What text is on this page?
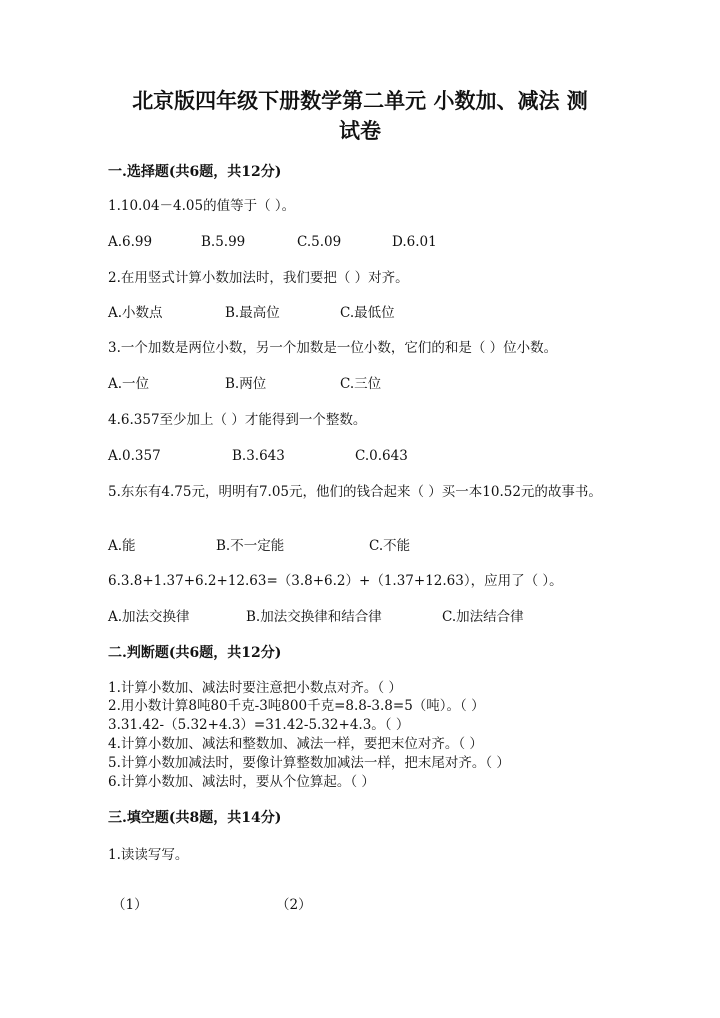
北京版四年级下册数学第二单元 小数加、减法 测
试卷
一.选择题(共6题，共12分)
1.10.04－4.05的值等于（ ）。
A.6.99	B.5.99	C.5.09	D.6.01
2.在用竖式计算小数加法时，我们要把（ ）对齐。
A.小数点	B.最高位	C.最低位
3.一个加数是两位小数，另一个加数是一位小数，它们的和是（ ）位小数。
A.一位	B.两位	C.三位
4.6.357至少加上（ ）才能得到一个整数。
A.0.357	B.3.643	C.0.643
5.东东有4.75元，明明有7.05元，他们的钱合起来（ ）买一本10.52元的故事书。
A.能	B.不一定能	C.不能
6.3.8+1.37+6.2+12.63=（3.8+6.2）+（1.37+12.63），应用了（ ）。
A.加法交换律	B.加法交换律和结合律	C.加法结合律
二.判断题(共6题，共12分)
1.计算小数加、减法时要注意把小数点对齐。（ ）
2.用小数计算8吨80千克-3吨800千克=8.8-3.8=5（吨）。（ ）
3.31.42-（5.32+4.3）=31.42-5.32+4.3。（ ）
4.计算小数加、减法和整数加、减法一样，要把末位对齐。（ ）
5.计算小数加减法时，要像计算整数加减法一样，把末尾对齐。（ ）
6.计算小数加、减法时，要从个位算起。（ ）
三.填空题(共8题，共14分)
1.读读写写。
（1）	（2）
